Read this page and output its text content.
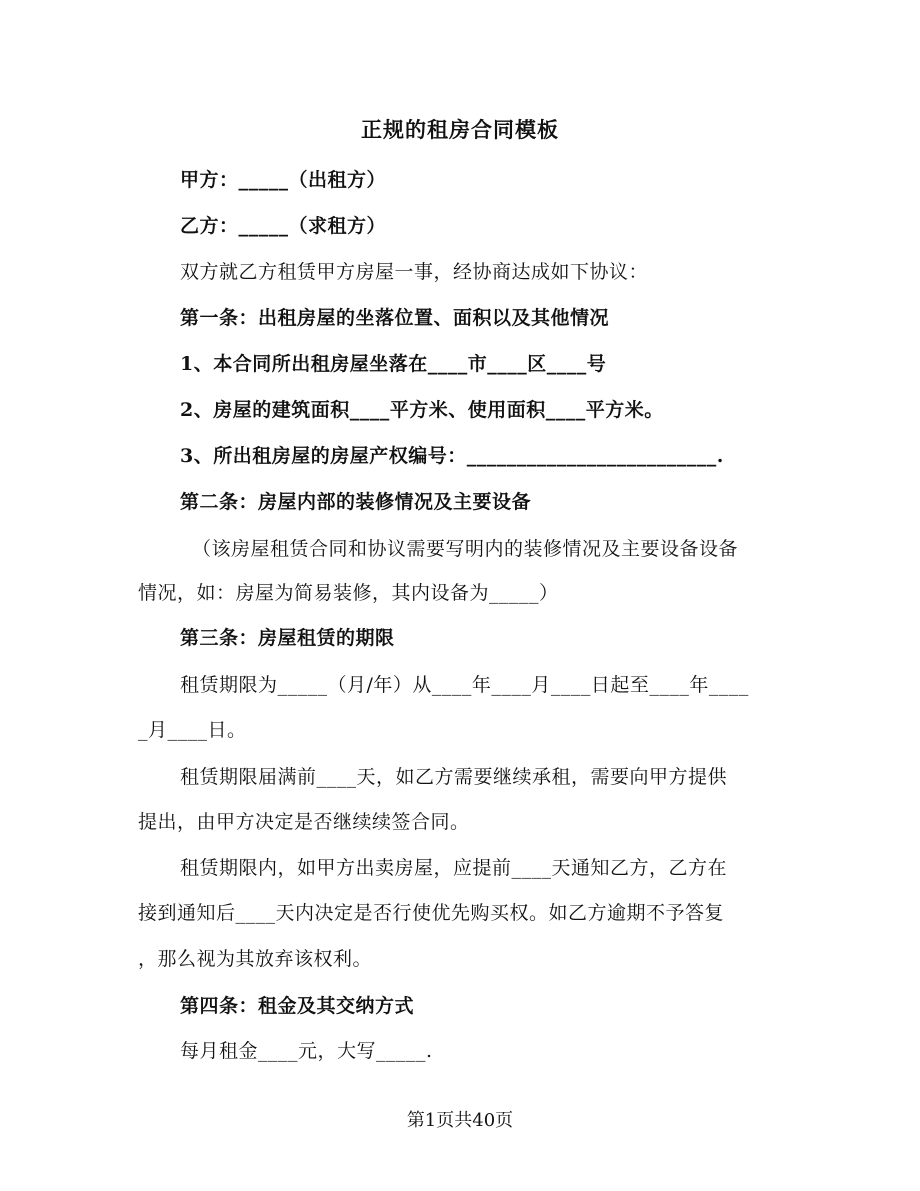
正规的租房合同模板
甲方：_____（出租方）
乙方：_____（求租方）
双方就乙方租赁甲方房屋一事，经协商达成如下协议：
第一条：出租房屋的坐落位置、面积以及其他情况
1、本合同所出租房屋坐落在____市____区____号
2、房屋的建筑面积____平方米、使用面积____平方米。
3、所出租房屋的房屋产权编号：_________________________.
第二条：房屋内部的装修情况及主要设备
（该房屋租赁合同和协议需要写明内的装修情况及主要设备设备
情况，如：房屋为简易装修，其内设备为_____）
第三条：房屋租赁的期限
租赁期限为_____（月/年）从____年____月____日起至____年____
_月____日。
租赁期限届满前____天，如乙方需要继续承租，需要向甲方提供
提出，由甲方决定是否继续续签合同。
租赁期限内，如甲方出卖房屋，应提前____天通知乙方，乙方在
接到通知后____天内决定是否行使优先购买权。如乙方逾期不予答复
，那么视为其放弃该权利。
第四条：租金及其交纳方式
每月租金____元，大写_____.
第1页共40页
